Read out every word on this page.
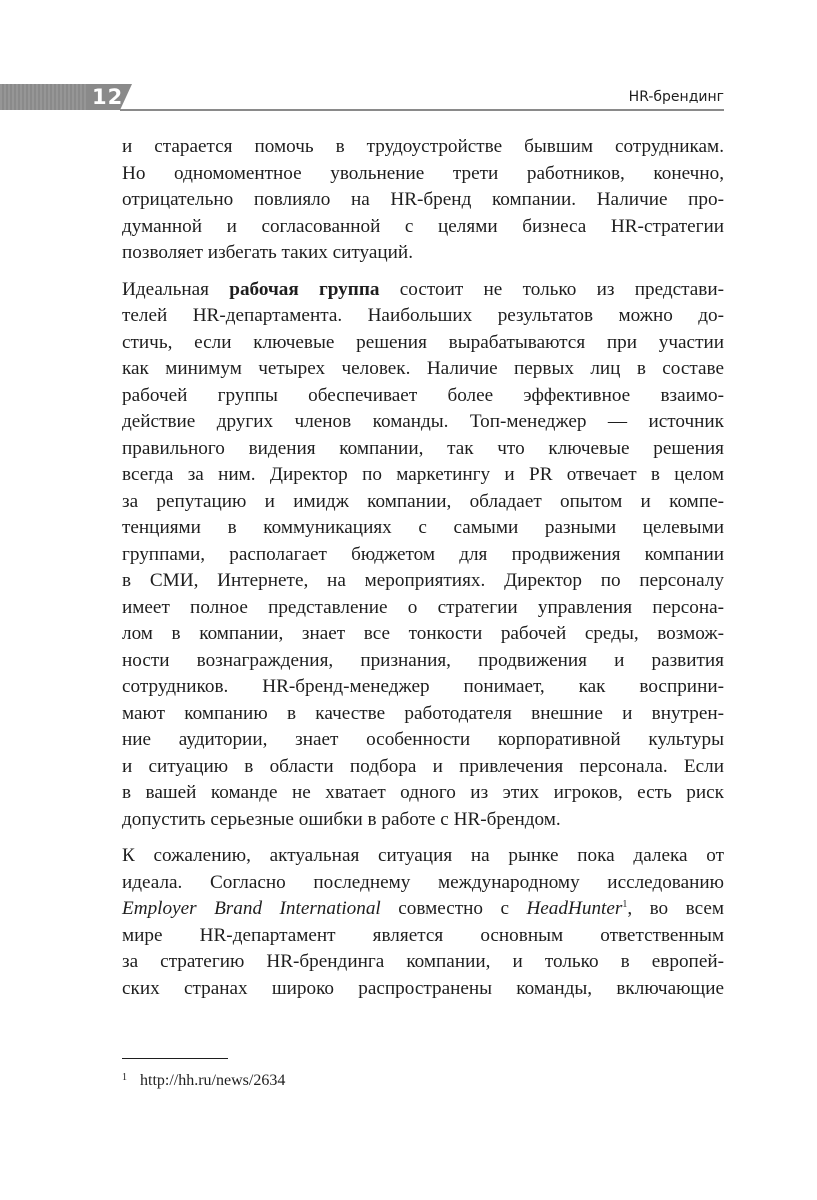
12	HR-брендинг

и старается помочь в трудоустройстве бывшим сотрудникам.
Но одномоментное увольнение трети работников, конечно,
отрицательно повлияло на HR-бренд компании. Наличие про-
думанной и согласованной с целями бизнеса HR-стратегии
позволяет избегать таких ситуаций.

Идеальная рабочая группа состоит не только из представи-
телей HR-департамента. Наибольших результатов можно до-
стичь, если ключевые решения вырабатываются при участии
как минимум четырех человек. Наличие первых лиц в составе
рабочей группы обеспечивает более эффективное взаимо-
действие других членов команды. Топ-менеджер — источник
правильного видения компании, так что ключевые решения
всегда за ним. Директор по маркетингу и PR отвечает в целом
за репутацию и имидж компании, обладает опытом и компе-
тенциями в коммуникациях с самыми разными целевыми
группами, располагает бюджетом для продвижения компании
в СМИ, Интернете, на мероприятиях. Директор по персоналу
имеет полное представление о стратегии управления персона-
лом в компании, знает все тонкости рабочей среды, возмож-
ности вознаграждения, признания, продвижения и развития
сотрудников. HR-бренд-менеджер понимает, как восприни-
мают компанию в качестве работодателя внешние и внутрен-
ние аудитории, знает особенности корпоративной культуры
и ситуацию в области подбора и привлечения персонала. Если
в вашей команде не хватает одного из этих игроков, есть риск
допустить серьезные ошибки в работе с HR-брендом.

К сожалению, актуальная ситуация на рынке пока далека от
идеала. Согласно последнему международному исследованию
Employer Brand International совместно с HeadHunter$^1$, во всем
мире HR-департамент является основным ответственным
за стратегию HR-брендинга компании, и только в европей-
ских странах широко распространены команды, включающие

1 http://hh.ru/news/2634
